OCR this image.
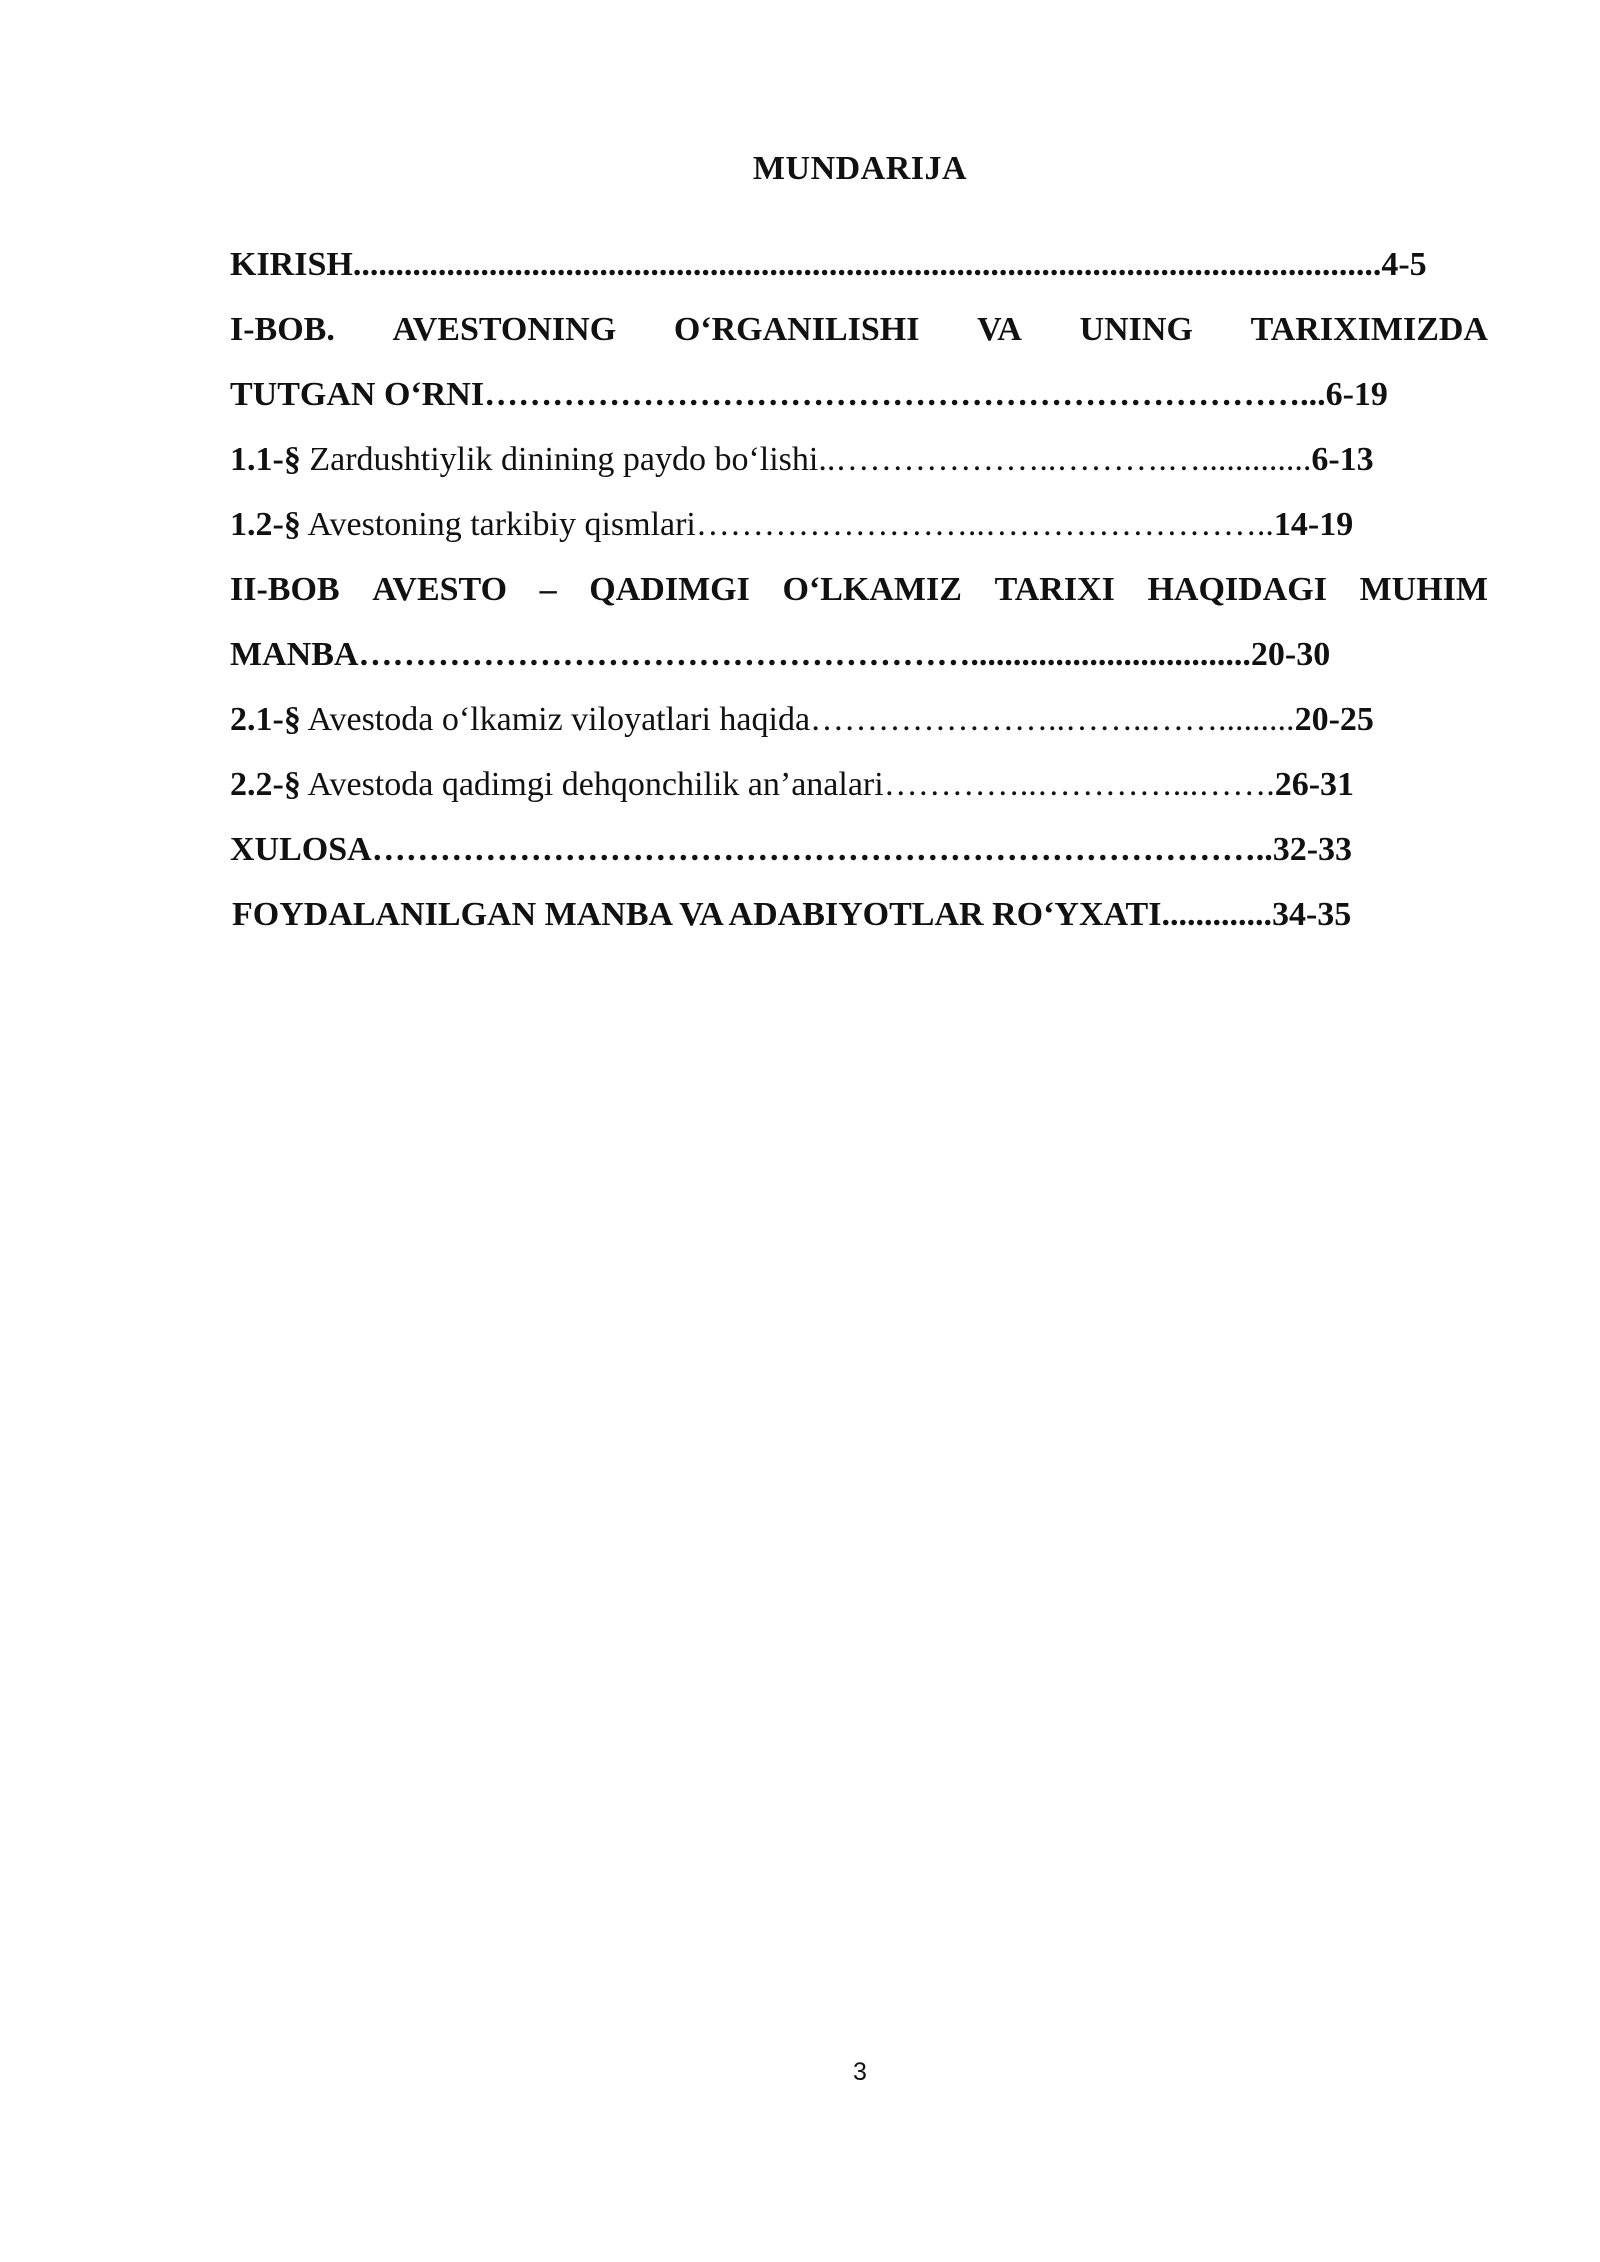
MUNDARIJA
KIRISH.........................................................................................................................4-5
I-BOB. AVESTONING O‘RGANILISHI VA UNING TARIXIMIZDA
TUTGAN O‘RNI………………………………………………………………...6-19
1.1-§ Zardushtiylik dinining paydo bo‘lishi..………………..……….….............6-13
1.2-§ Avestoning tarkibiy qismlari……………………..……………………..14-19
II-BOB AVESTO – QADIMGI O‘LKAMIZ TARIXI HAQIDAGI MUHIM
MANBA……………………………………………….................................20-30
2.1-§ Avestoda o‘lkamiz viloyatlari haqida…………………..……..…….........20-25
2.2-§ Avestoda qadimgi dehqonchilik an’analari…………..…………...…….26-31
XULOSA……………………………………………………………………..32-33
FOYDALANILGAN MANBA VA ADABIYOTLAR RO‘YXATI.............34-35
3
